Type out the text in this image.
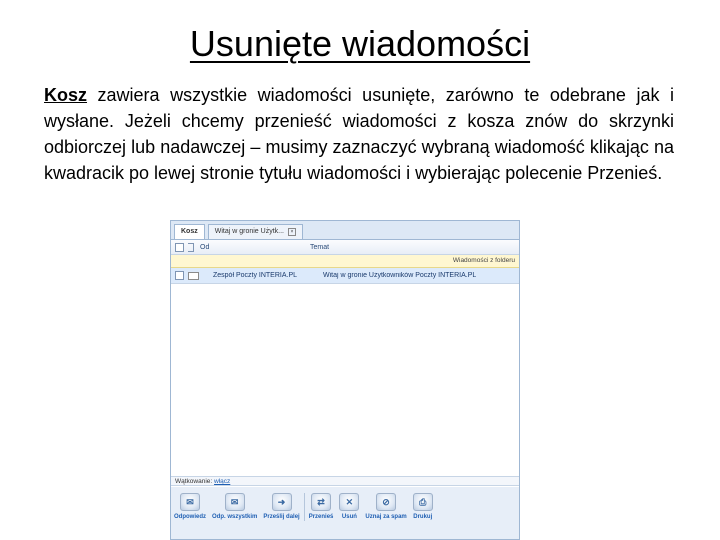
Usunięte wiadomości
Kosz zawiera wszystkie wiadomości usunięte, zarówno te odebrane jak i wysłane. Jeżeli chcemy przenieść wiadomości z kosza znów do skrzynki odbiorczej lub nadawczej – musimy zaznaczyć wybraną wiadomość klikając na kwadracik po lewej stronie tytułu wiadomości i wybierając polecenie Przenieś.
Kosz Witaj w gronie Użytk...	×
Od	Temat
Wiadomości z folderu
Zespół Poczty INTERIA.PL	Witaj w gronie Użytkowników Poczty INTERIA.PL
Wątkowanie: włącz
✉
Odpowiedz
✉
Odp. wszystkim
➜
Prześlij dalej
⇄
Przenieś
✕
Usuń
⊘
Uznaj za spam
⎙
Drukuj
